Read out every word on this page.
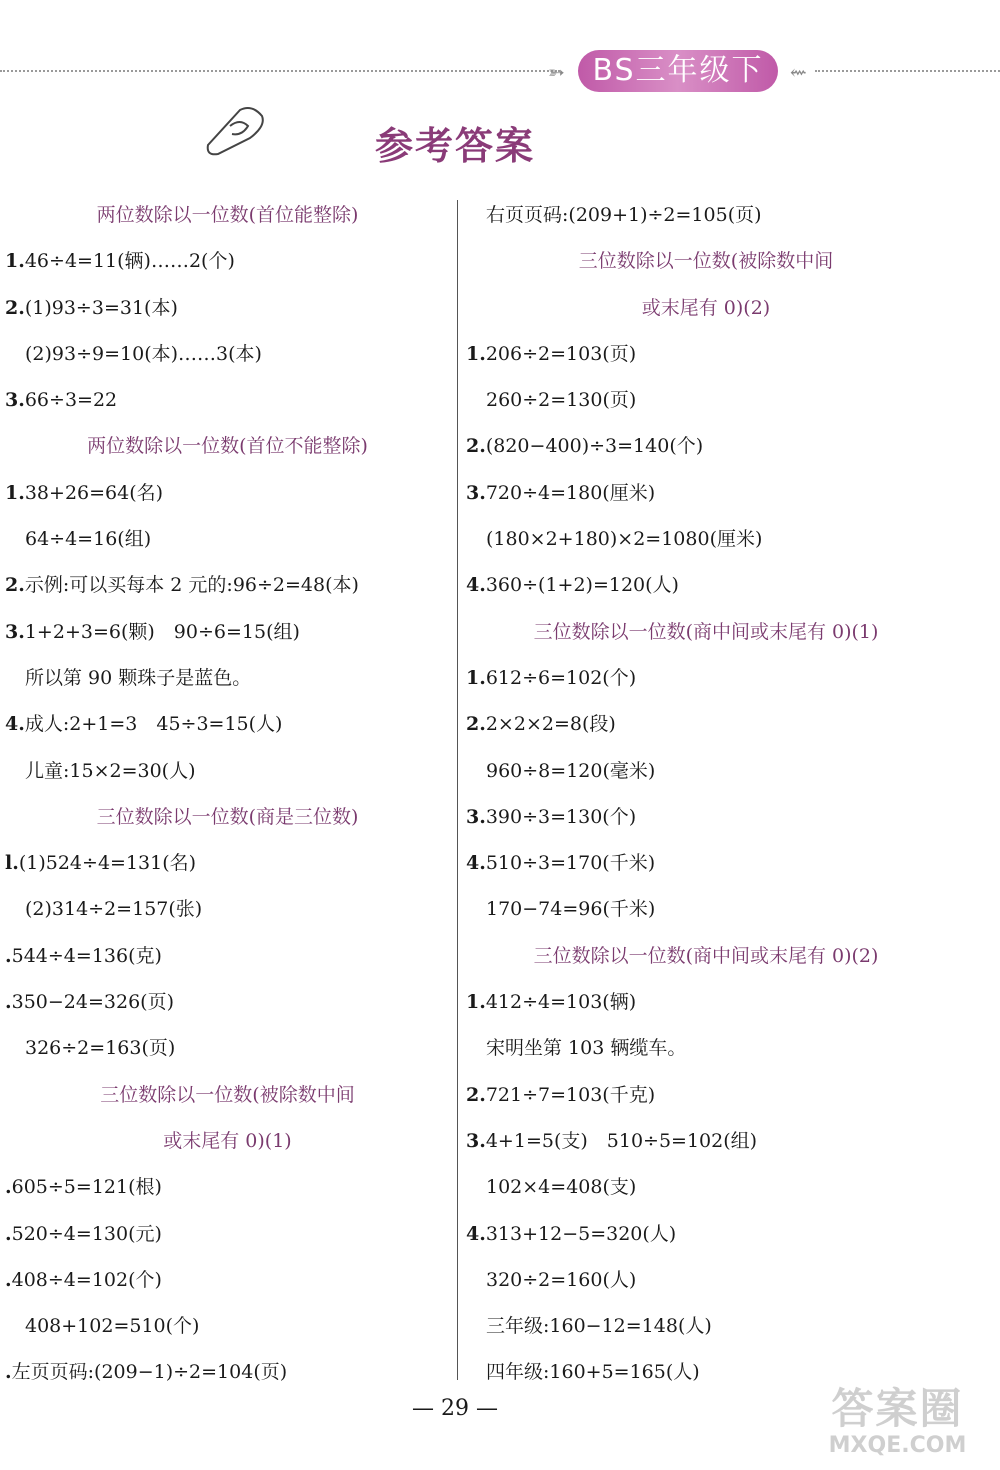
➳	⇜
BS三年级下
参考答案
两位数除以一位数(首位能整除)
1.46÷4=11(辆)……2(个)
2.(1)93÷3=31(本)
(2)93÷9=10(本)……3(本)
3.66÷3=22
两位数除以一位数(首位不能整除)
1.38+26=64(名)
64÷4=16(组)
2.示例:可以买每本 2 元的:96÷2=48(本)
3.1+2+3=6(颗)　90÷6=15(组)
所以第 90 颗珠子是蓝色。
4.成人:2+1=3　45÷3=15(人)
儿童:15×2=30(人)
三位数除以一位数(商是三位数)
l.(1)524÷4=131(名)
(2)314÷2=157(张)
.544÷4=136(克)
.350−24=326(页)
326÷2=163(页)
三位数除以一位数(被除数中间
或末尾有 0)(1)
.605÷5=121(根)
.520÷4=130(元)
.408÷4=102(个)
408+102=510(个)
.左页页码:(209−1)÷2=104(页)
右页页码:(209+1)÷2=105(页)
三位数除以一位数(被除数中间
或末尾有 0)(2)
1.206÷2=103(页)
260÷2=130(页)
2.(820−400)÷3=140(个)
3.720÷4=180(厘米)
(180×2+180)×2=1080(厘米)
4.360÷(1+2)=120(人)
三位数除以一位数(商中间或末尾有 0)(1)
1.612÷6=102(个)
2.2×2×2=8(段)
960÷8=120(毫米)
3.390÷3=130(个)
4.510÷3=170(千米)
170−74=96(千米)
三位数除以一位数(商中间或末尾有 0)(2)
1.412÷4=103(辆)
宋明坐第 103 辆缆车。
2.721÷7=103(千克)
3.4+1=5(支)　510÷5=102(组)
102×4=408(支)
4.313+12−5=320(人)
320÷2=160(人)
三年级:160−12=148(人)
四年级:160+5=165(人)
— 29 —	答案圈
MXQE.COM
